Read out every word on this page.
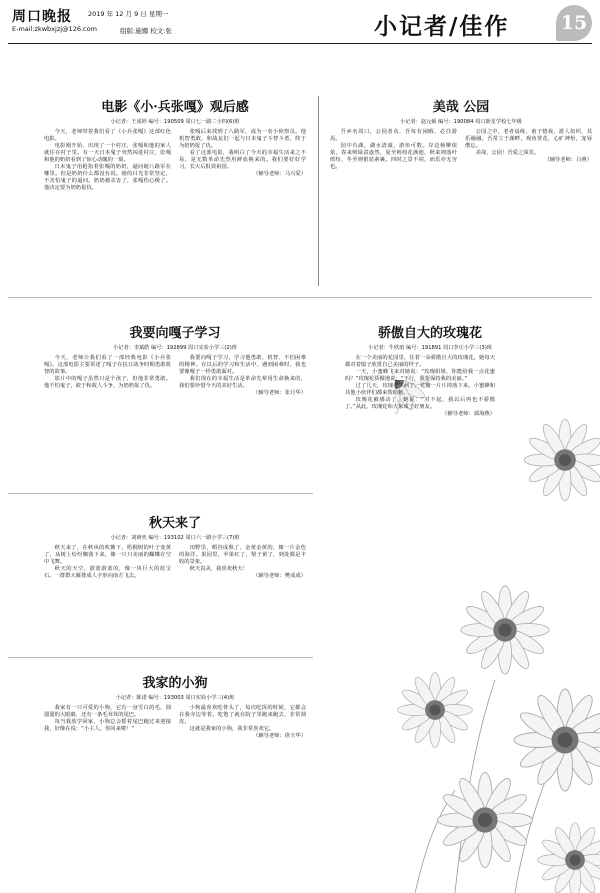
周口晚报 2019 年 12 月 9 日 星期一
E-mail:zkwbxjzj@126.com	组版:施娜 校文:张	小记者/佳作	15
电影《小·兵张嘎》观后感
小记者：王成婷 编号：190509 周口七一路二小四(6)班

今天，老师带着我们看了《小兵张嘎》这部红色电影。

电影刚开始，出现了一个村庄，张嘎和他的家人就住在村子里。有一天日本鬼子突然闯进村庄，张嘎和他的奶奶看到了惊心动魄的一幕。

日本鬼子用枪指着张嘎的奶奶，逼问她八路军在哪里。但是奶奶什么都没有说。她的目光非常坚定，不害怕鬼子的逼问。奶奶被杀害了，张嘎伤心极了。他决定要为奶奶报仇。

张嘎后来找到了八路军，成为一名小侦察员。他机智勇敢，和战友们一起与日本鬼子斗智斗勇，终于为奶奶报了仇。

看了这部电影，我明白了今天的幸福生活来之不易，是无数革命先烈用鲜血换来的。我们要好好学习，长大后报效祖国。

（辅导老师：马兴爱）

美哉 公园
小记者：赵元硕 编号：190084 周口新星学校七年级

吾乡名周口，公园者众，吾每有闲暇，必往游焉。

园中有湖，湖水清澈，游鱼可数。岸边杨柳依依，春来则绿意盎然，夏至则荷花满池，秋来则落叶缤纷，冬至则银装素裹。四时之景不同，而乐亦无穷也。

公园之中，老者晨练，童子嬉戏，游人如织，其乐融融。吾常立于湖畔，观鱼赏花，心旷神怡，宠辱偕忘。

美哉，公园！吾爱之深矣。

（辅导老师：吕燕）

我要向嘎子学习
小记者：李斌皓 编号：192899 周口实验小学三(2)班

今天，老师让我们看了一部经典电影《小兵张嘎》。这部电影主要讲述了嘎子在抗日战争时期勇敢机智的故事。

影片中的嘎子虽然只是个孩子，但他非常勇敢。他不怕鬼子，敢于和敌人斗争，为奶奶报了仇。

我要向嘎子学习，学习他勇敢、机智、不怕困难的精神。在以后的学习和生活中，遇到困难时，我也要像嘎子一样勇敢面对。

我们现在的幸福生活是革命先辈用生命换来的，我们要珍惜今天的美好生活。

（辅导老师：张月华）

骄傲自大的玫瑰花
小记者：牛欣雨 编号：191891 周口李庄小学三(3)班

在一个美丽的花园里，住着一朵骄傲自大的玫瑰花。她每天都对着镜子欣赏自己美丽的样子。

一天，小蜜蜂飞来对她说：“玫瑰姐姐，你能给我一点花蜜吗？”玫瑰花骄傲地说：“不行，我要保持我的美丽。”

过了几天，玫瑰花生病了，花瓣一片片掉落下来。小蜜蜂和其他小伙伴们都来帮助她。

玫瑰花被感动了，她说：“对不起，我以后再也不骄傲了。”从此，玫瑰花和大家成了好朋友。

（辅导老师：郭海燕）

秋天来了
小记者：刘研奕 编号：193102 周口六一路小学三(7)班

秋天来了，在秋风的吹拂下，梧桐树的叶子变黄了，从树上纷纷飘落下来，像一只只美丽的蝴蝶在空中飞舞。

秋天的天空，蔚蓝蔚蓝的，像一块巨大的蓝宝石。一群群大雁排成人字形向南方飞去。

田野里，稻谷成熟了，金黄金黄的，像一片金色的海洋。果园里，苹果红了，梨子黄了，到处都是丰收的景象。

秋天真美，我喜欢秋天！

（辅导老师：樊成成）

我家的小狗
小记者：陈诺 编号：193003 周口实验小学三(4)班

我家有一只可爱的小狗，它有一身雪白的毛，圆溜溜的大眼睛，还有一条毛茸茸的尾巴。

每当我放学回家，小狗总会摇着尾巴跑过来迎接我，好像在说：“小主人，你回来啦！”

小狗最喜欢吃骨头了，每次吃饭的时候，它都会在我旁边等着。吃饱了就在院子里跑来跑去，非常调皮。

这就是我家的小狗，我非常喜欢它。

（辅导老师：徐玉华）
